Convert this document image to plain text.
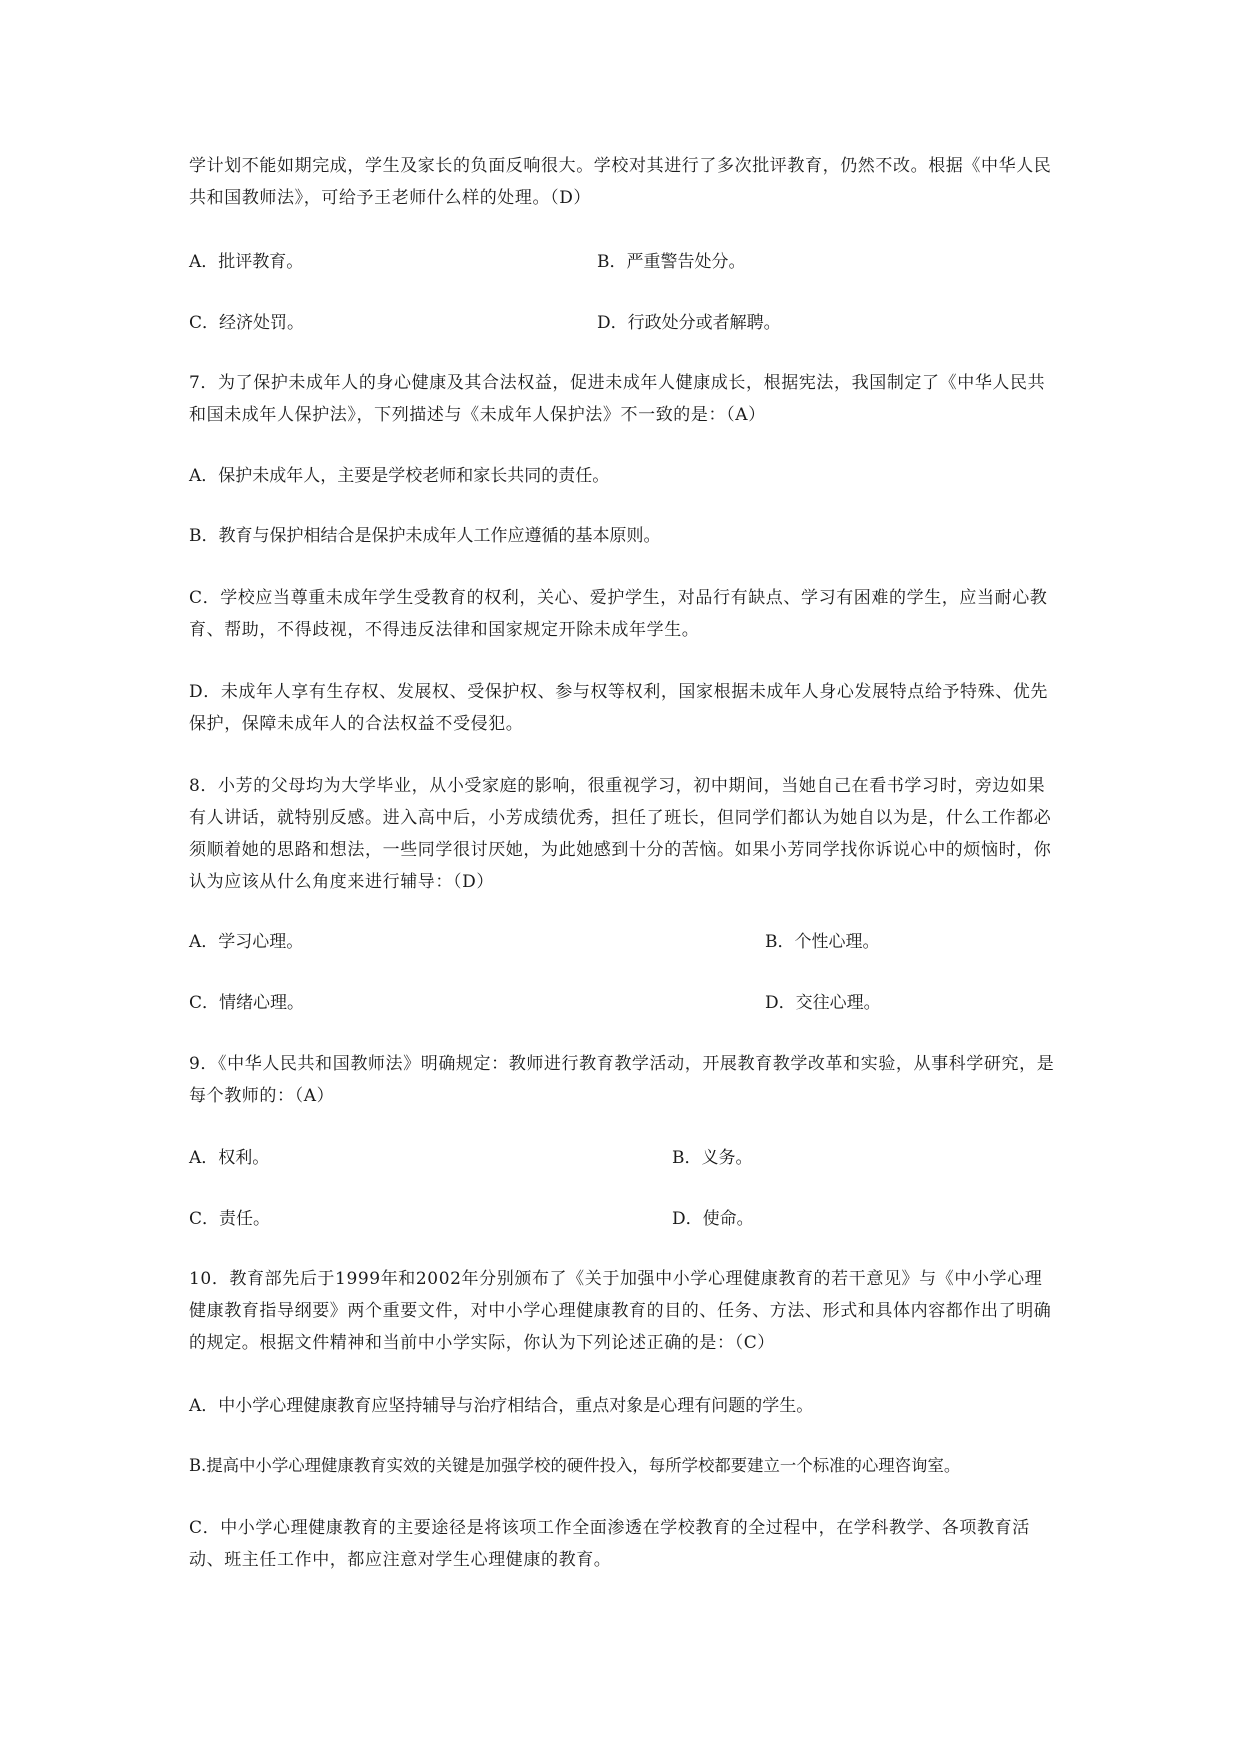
学计划不能如期完成，学生及家长的负面反响很大。学校对其进行了多次批评教育，仍然不改。根据《中华人民共和国教师法》，可给予王老师什么样的处理。（D）

A．批评教育。	B．严重警告处分。

C．经济处罚。	D．行政处分或者解聘。

7．为了保护未成年人的身心健康及其合法权益，促进未成年人健康成长，根据宪法，我国制定了《中华人民共和国未成年人保护法》，下列描述与《未成年人保护法》不一致的是：（A）

A．保护未成年人，主要是学校老师和家长共同的责任。

B．教育与保护相结合是保护未成年人工作应遵循的基本原则。

C．学校应当尊重未成年学生受教育的权利，关心、爱护学生，对品行有缺点、学习有困难的学生，应当耐心教育、帮助，不得歧视，不得违反法律和国家规定开除未成年学生。

D．未成年人享有生存权、发展权、受保护权、参与权等权利，国家根据未成年人身心发展特点给予特殊、优先保护，保障未成年人的合法权益不受侵犯。

8．小芳的父母均为大学毕业，从小受家庭的影响，很重视学习，初中期间，当她自己在看书学习时，旁边如果有人讲话，就特别反感。进入高中后，小芳成绩优秀，担任了班长，但同学们都认为她自以为是，什么工作都必须顺着她的思路和想法，一些同学很讨厌她，为此她感到十分的苦恼。如果小芳同学找你诉说心中的烦恼时，你认为应该从什么角度来进行辅导：（D）

A．学习心理。	B．个性心理。

C．情绪心理。	D．交往心理。

9．《中华人民共和国教师法》明确规定：教师进行教育教学活动，开展教育教学改革和实验，从事科学研究，是每个教师的：（A）

A．权利。	B．义务。

C．责任。	D．使命。

10．教育部先后于1999年和2002年分别颁布了《关于加强中小学心理健康教育的若干意见》与《中小学心理健康教育指导纲要》两个重要文件，对中小学心理健康教育的目的、任务、方法、形式和具体内容都作出了明确的规定。根据文件精神和当前中小学实际，你认为下列论述正确的是：（C）

A．中小学心理健康教育应坚持辅导与治疗相结合，重点对象是心理有问题的学生。

B.提高中小学心理健康教育实效的关键是加强学校的硬件投入，每所学校都要建立一个标准的心理咨询室。

C．中小学心理健康教育的主要途径是将该项工作全面渗透在学校教育的全过程中，在学科教学、各项教育活动、班主任工作中，都应注意对学生心理健康的教育。
